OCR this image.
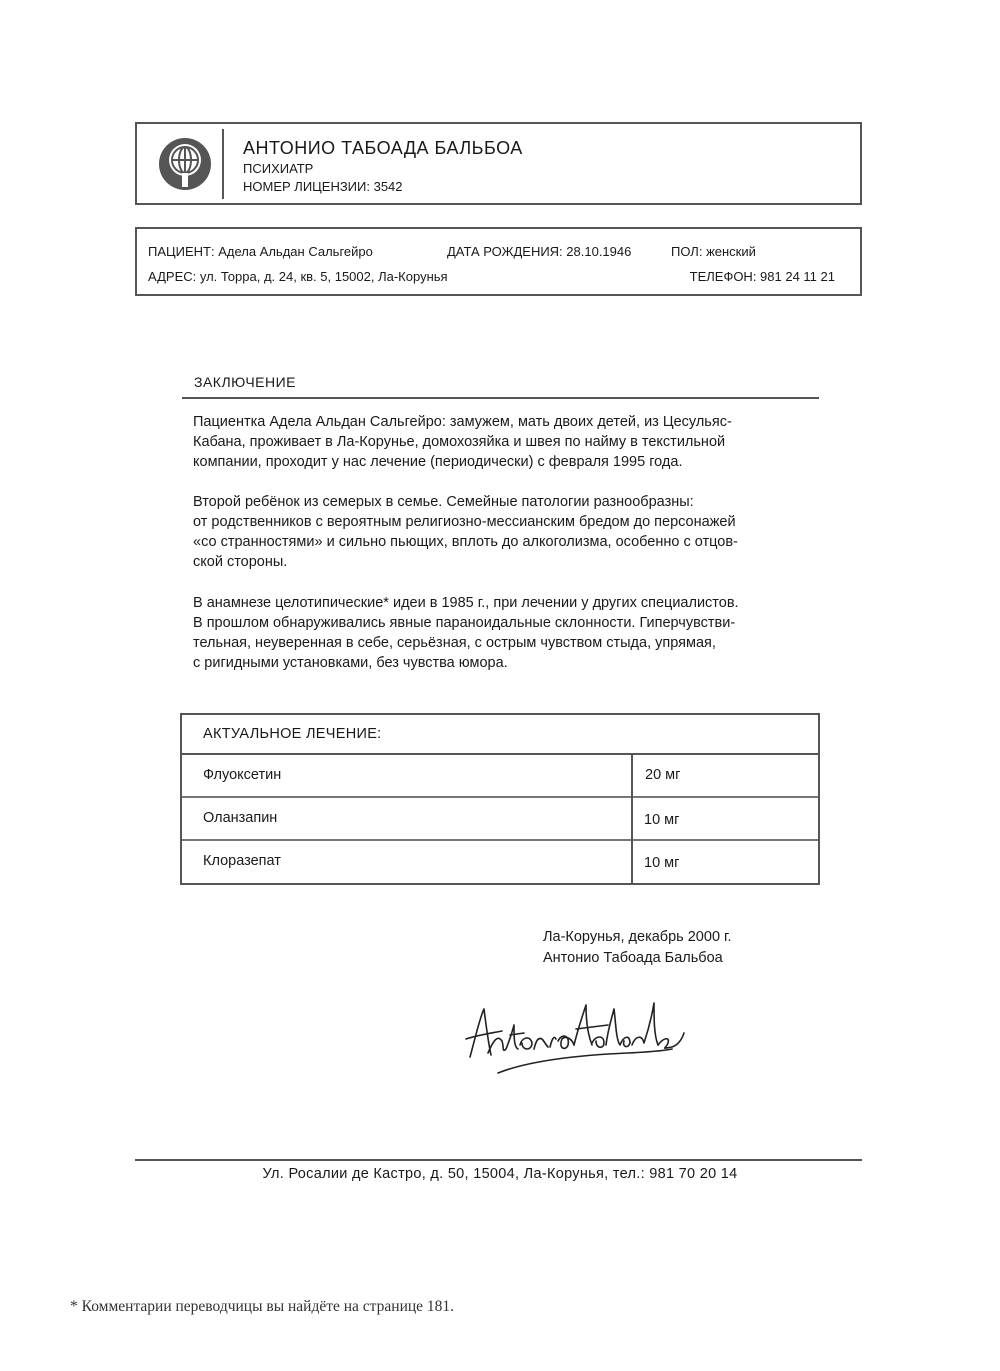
АНТОНИО ТАБОАДА БАЛЬБОА
ПСИХИАТР
НОМЕР ЛИЦЕНЗИИ: 3542
ПАЦИЕНТ: Адела Альдан Сальгейро	ДАТА РОЖДЕНИЯ: 28.10.1946	ПОЛ: женский
АДРЕС: ул. Торра, д. 24, кв. 5, 15002, Ла-Корунья	ТЕЛЕФОН: 981 24 11 21
ЗАКЛЮЧЕНИЕ

Пациентка Адела Альдан Сальгейро: замужем, мать двоих детей, из Цесульяс-

Кабана, проживает в Ла-Корунье, домохозяйка и швея по найму в текстильной

компании, проходит у нас лечение (периодически) с февраля 1995 года.

Второй ребёнок из семерых в семье. Семейные патологии разнообразны:

от родственников с вероятным религиозно-мессианским бредом до персонажей

«со странностями» и сильно пьющих, вплоть до алкоголизма, особенно с отцов-

ской стороны.

В анамнезе целотипические* идеи в 1985 г., при лечении у других специалистов.

В прошлом обнаруживались явные параноидальные склонности. Гиперчувстви-

тельная, неуверенная в себе, серьёзная, с острым чувством стыда, упрямая,

с ригидными установками, без чувства юмора.

АКТУАЛЬНОЕ ЛЕЧЕНИЕ:
Флуоксетин	20 мг
Оланзапин	10 мг
Клоразепат	10 мг
Ла-Корунья, декабрь 2000 г.
Антонио Табоада Бальбоа
Ул. Росалии де Кастро, д. 50, 15004, Ла-Корунья, тел.: 981 70 20 14
* Комментарии переводчицы вы найдёте на странице 181.
